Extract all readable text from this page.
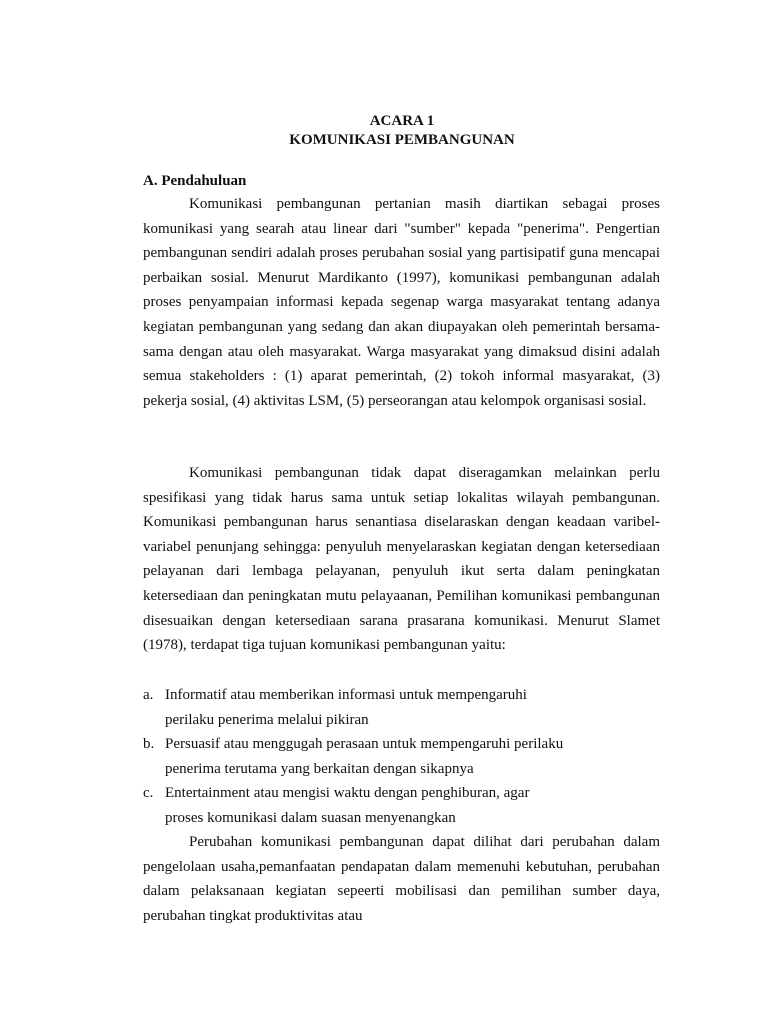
ACARA 1
KOMUNIKASI PEMBANGUNAN
A. Pendahuluan

Komunikasi pembangunan pertanian masih diartikan sebagai proses komunikasi yang searah atau linear dari "sumber" kepada "penerima". Pengertian pembangunan sendiri adalah proses perubahan sosial yang partisipatif guna mencapai perbaikan sosial. Menurut Mardikanto (1997), komunikasi pembangunan adalah proses penyampaian informasi kepada segenap warga masyarakat tentang adanya kegiatan pembangunan yang sedang dan akan diupayakan oleh pemerintah bersama-sama dengan atau oleh masyarakat. Warga masyarakat yang dimaksud disini adalah semua stakeholders : (1) aparat pemerintah, (2) tokoh informal masyarakat, (3) pekerja sosial, (4) aktivitas LSM, (5) perseorangan atau kelompok organisasi sosial.

Komunikasi pembangunan tidak dapat diseragamkan melainkan perlu spesifikasi yang tidak harus sama untuk setiap lokalitas wilayah pembangunan. Komunikasi pembangunan harus senantiasa diselaraskan dengan keadaan varibel-variabel penunjang sehingga: penyuluh menyelaraskan kegiatan dengan ketersediaan pelayanan dari lembaga pelayanan, penyuluh ikut serta dalam peningkatan ketersediaan dan peningkatan mutu pelayaanan, Pemilihan komunikasi pembangunan disesuaikan dengan ketersediaan sarana prasarana komunikasi. Menurut Slamet (1978), terdapat tiga tujuan komunikasi pembangunan yaitu:

a. Informatif atau memberikan informasi untuk mempengaruhi
perilaku penerima melalui pikiran
b. Persuasif atau menggugah perasaan untuk mempengaruhi perilaku
penerima terutama yang berkaitan dengan sikapnya
c. Entertainment atau mengisi waktu dengan penghiburan, agar
proses komunikasi dalam suasan menyenangkan

Perubahan komunikasi pembangunan dapat dilihat dari perubahan dalam pengelolaan usaha,pemanfaatan pendapatan dalam memenuhi kebutuhan, perubahan dalam pelaksanaan kegiatan sepeerti mobilisasi dan pemilihan sumber daya, perubahan tingkat produktivitas atau
